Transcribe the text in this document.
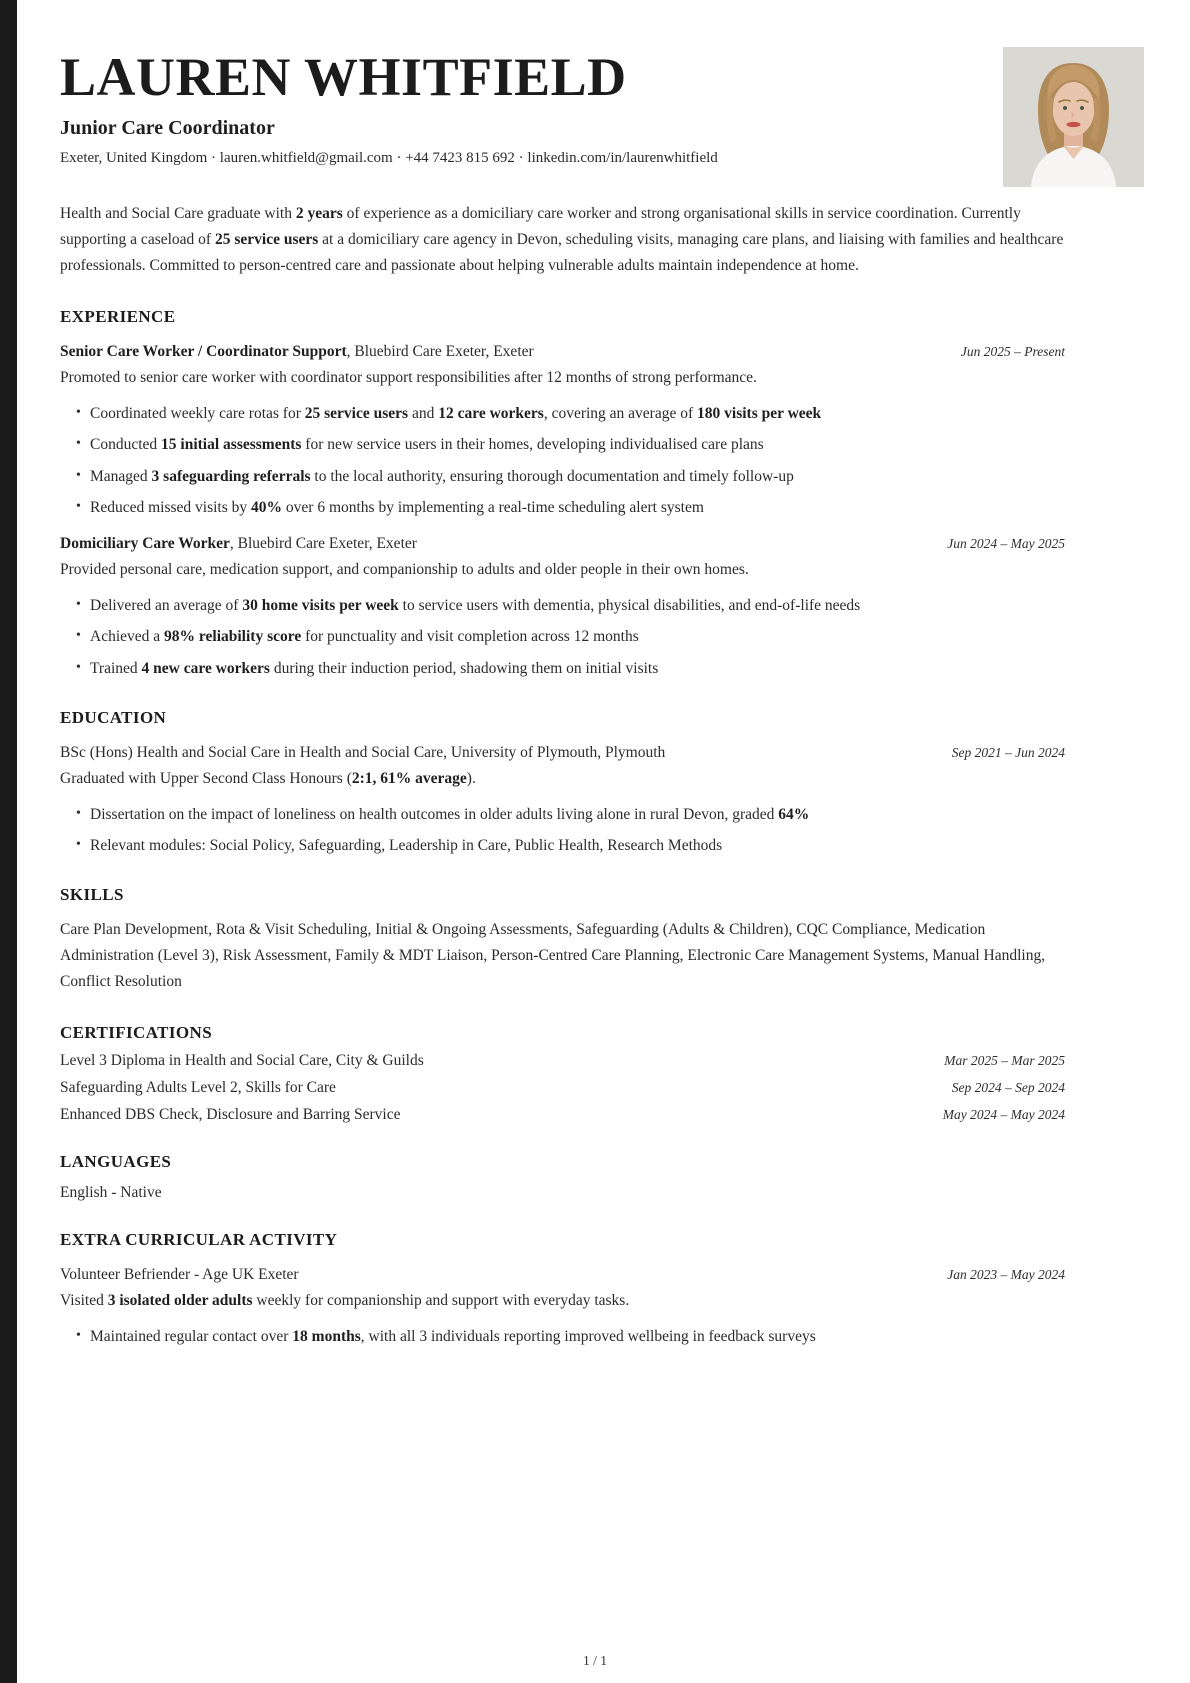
LAUREN WHITFIELD
Junior Care Coordinator
Exeter, United Kingdom · lauren.whitfield@gmail.com · +44 7423 815 692 · linkedin.com/in/laurenwhitfield

Health and Social Care graduate with 2 years of experience as a domiciliary care worker and strong organisational skills in service coordination. Currently supporting a caseload of 25 service users at a domiciliary care agency in Devon, scheduling visits, managing care plans, and liaising with families and healthcare professionals. Committed to person-centred care and passionate about helping vulnerable adults maintain independence at home.

EXPERIENCE
Senior Care Worker / Coordinator Support, Bluebird Care Exeter, Exeter	Jun 2025 – Present
Promoted to senior care worker with coordinator support responsibilities after 12 months of strong performance.
• Coordinated weekly care rotas for 25 service users and 12 care workers, covering an average of 180 visits per week
• Conducted 15 initial assessments for new service users in their homes, developing individualised care plans
• Managed 3 safeguarding referrals to the local authority, ensuring thorough documentation and timely follow-up
• Reduced missed visits by 40% over 6 months by implementing a real-time scheduling alert system
Domiciliary Care Worker, Bluebird Care Exeter, Exeter	Jun 2024 – May 2025
Provided personal care, medication support, and companionship to adults and older people in their own homes.
• Delivered an average of 30 home visits per week to service users with dementia, physical disabilities, and end-of-life needs
• Achieved a 98% reliability score for punctuality and visit completion across 12 months
• Trained 4 new care workers during their induction period, shadowing them on initial visits
EDUCATION
BSc (Hons) Health and Social Care in Health and Social Care, University of Plymouth, Plymouth	Sep 2021 – Jun 2024
Graduated with Upper Second Class Honours (2:1, 61% average).
• Dissertation on the impact of loneliness on health outcomes in older adults living alone in rural Devon, graded 64%
• Relevant modules: Social Policy, Safeguarding, Leadership in Care, Public Health, Research Methods
SKILLS

Care Plan Development, Rota & Visit Scheduling, Initial & Ongoing Assessments, Safeguarding (Adults & Children), CQC Compliance, Medication Administration (Level 3), Risk Assessment, Family & MDT Liaison, Person-Centred Care Planning, Electronic Care Management Systems, Manual Handling, Conflict Resolution

CERTIFICATIONS
Level 3 Diploma in Health and Social Care, City & Guilds	Mar 2025 – Mar 2025
Safeguarding Adults Level 2, Skills for Care	Sep 2024 – Sep 2024
Enhanced DBS Check, Disclosure and Barring Service	May 2024 – May 2024
LANGUAGES
English - Native
EXTRA CURRICULAR ACTIVITY
Volunteer Befriender - Age UK Exeter	Jan 2023 – May 2024
Visited 3 isolated older adults weekly for companionship and support with everyday tasks.
• Maintained regular contact over 18 months, with all 3 individuals reporting improved wellbeing in feedback surveys
1 / 1
